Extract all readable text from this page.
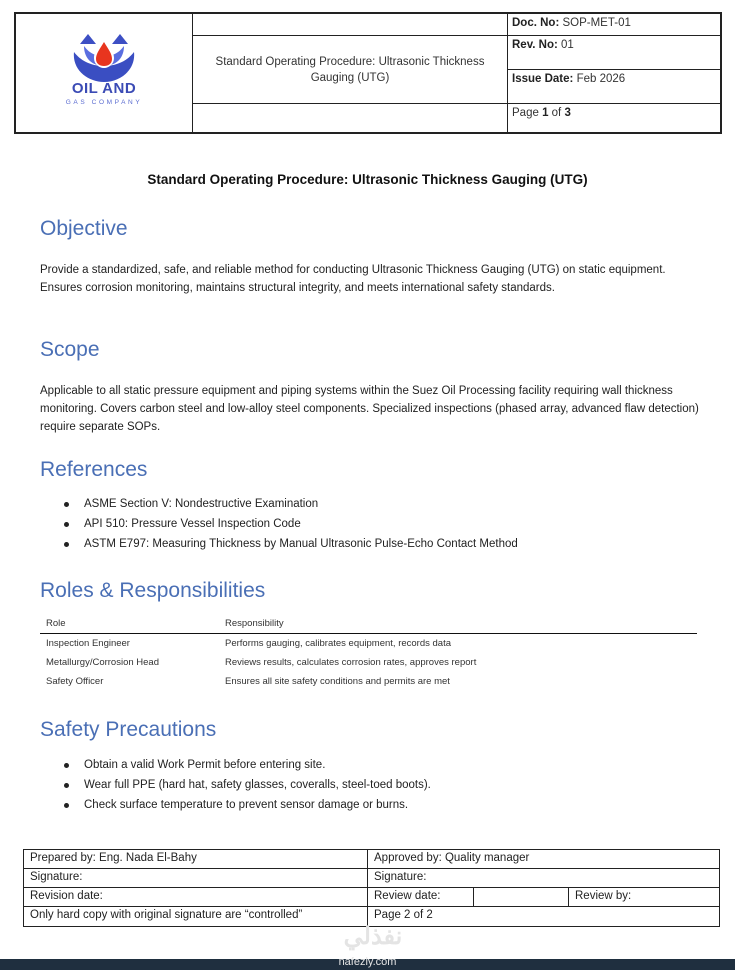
OIL AND
GAS COMPANY
Standard Operating Procedure: Ultrasonic Thickness Gauging (UTG)
Doc. No: SOP-MET-01
Rev. No: 01
Issue Date: Feb 2026
Page 1 of 3
Standard Operating Procedure: Ultrasonic Thickness Gauging (UTG)
Objective

Provide a standardized, safe, and reliable method for conducting Ultrasonic Thickness Gauging (UTG) on static equipment. Ensures corrosion monitoring, maintains structural integrity, and meets international safety standards.

Scope

Applicable to all static pressure equipment and piping systems within the Suez Oil Processing facility requiring wall thickness monitoring. Covers carbon steel and low-alloy steel components. Specialized inspections (phased array, advanced flaw detection) require separate SOPs.

References
ASME Section V: Nondestructive Examination
API 510: Pressure Vessel Inspection Code
ASTM E797: Measuring Thickness by Manual Ultrasonic Pulse-Echo Contact Method
Roles & Responsibilities
Role	Responsibility
Inspection Engineer	Performs gauging, calibrates equipment, records data
Metallurgy/Corrosion Head	Reviews results, calculates corrosion rates, approves report
Safety Officer	Ensures all site safety conditions and permits are met
Safety Precautions
Obtain a valid Work Permit before entering site.
Wear full PPE (hard hat, safety glasses, coveralls, steel-toed boots).
Check surface temperature to prevent sensor damage or burns.
Prepared by: Eng. Nada El-Bahy	Approved by: Quality manager
Signature:	Signature:
Revision date:	Review date:	Review by:
Only hard copy with original signature are “controlled”	Page 2 of 2
نفذلي
nafezly.com
